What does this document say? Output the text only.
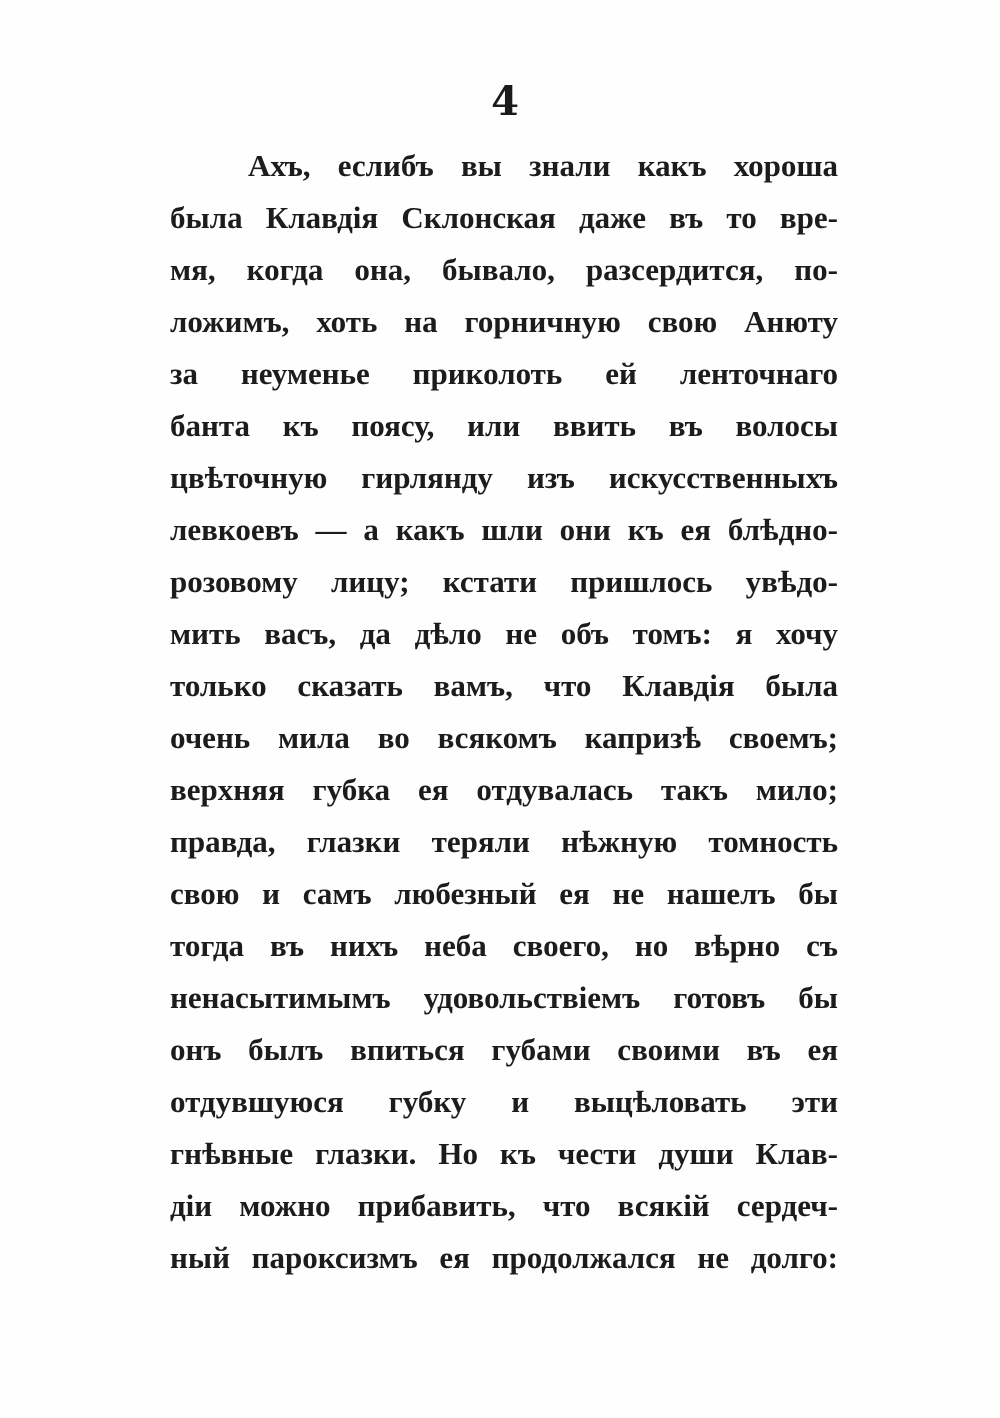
4
Ахъ, еслибъ вы знали какъ хороша
была Клавдія Склонская даже въ то вре-
мя, когда она, бывало, разсердится, по-
ложимъ, хоть на горничную свою Анюту
за неуменье приколоть ей ленточнаго
банта къ поясу, или ввить въ волосы
цвѣточную гирлянду изъ искусственныхъ
левкоевъ — а какъ шли они къ ея блѣдно-
розовому лицу; кстати пришлось увѣдо-
мить васъ, да дѣло не объ томъ: я хочу
только сказать вамъ, что Клавдія была
очень мила во всякомъ капризѣ своемъ;
верхняя губка ея отдувалась такъ мило;
правда, глазки теряли нѣжную томность
свою и самъ любезный ея не нашелъ бы
тогда въ нихъ неба своего, но вѣрно съ
ненасытимымъ удовольствіемъ готовъ бы
онъ былъ впиться губами своими въ ея
отдувшуюся губку и выцѣловать эти
гнѣвные глазки. Но къ чести души Клав-
діи можно прибавить, что всякій сердеч-
ный пароксизмъ ея продолжался не долго:
